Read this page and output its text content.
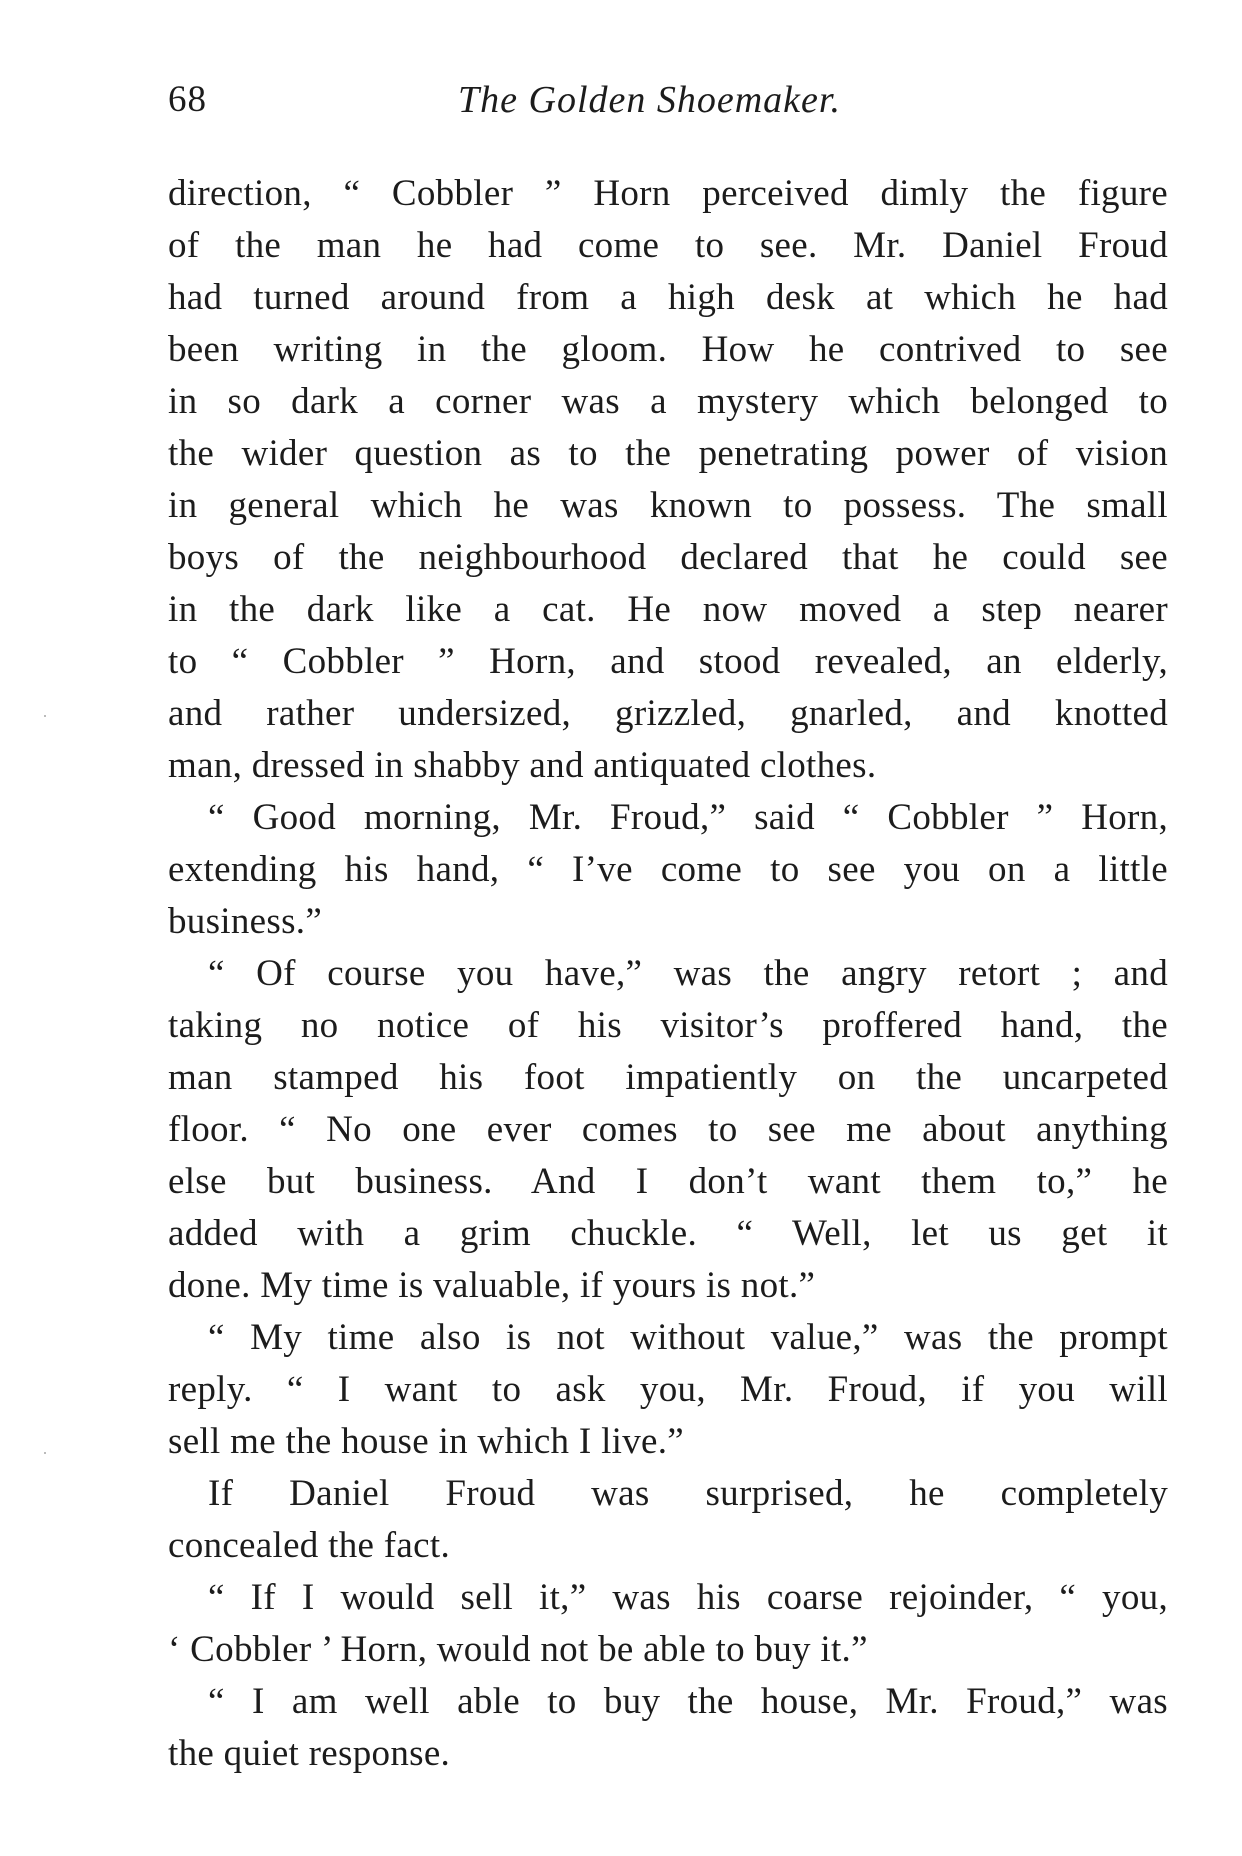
68	The Golden Shoemaker.
direction, “ Cobbler ” Horn perceived dimly the figure
of the man he had come to see. Mr. Daniel Froud
had turned around from a high desk at which he had
been writing in the gloom. How he contrived to see
in so dark a corner was a mystery which belonged to
the wider question as to the penetrating power of vision
in general which he was known to possess. The small
boys of the neighbourhood declared that he could see
in the dark like a cat. He now moved a step nearer
to “ Cobbler ” Horn, and stood revealed, an elderly,
and rather undersized, grizzled, gnarled, and knotted
man, dressed in shabby and antiquated clothes.
“ Good morning, Mr. Froud,” said “ Cobbler ” Horn,
extending his hand, “ I’ve come to see you on a little
business.”
“ Of course you have,” was the angry retort ; and
taking no notice of his visitor’s proffered hand, the
man stamped his foot impatiently on the uncarpeted
floor. “ No one ever comes to see me about anything
else but business. And I don’t want them to,” he
added with a grim chuckle. “ Well, let us get it
done. My time is valuable, if yours is not.”
“ My time also is not without value,” was the prompt
reply. “ I want to ask you, Mr. Froud, if you will
sell me the house in which I live.”
If Daniel Froud was surprised, he completely
concealed the fact.
“ If I would sell it,” was his coarse rejoinder, “ you,
‘ Cobbler ’ Horn, would not be able to buy it.”
“ I am well able to buy the house, Mr. Froud,” was
the quiet response.
